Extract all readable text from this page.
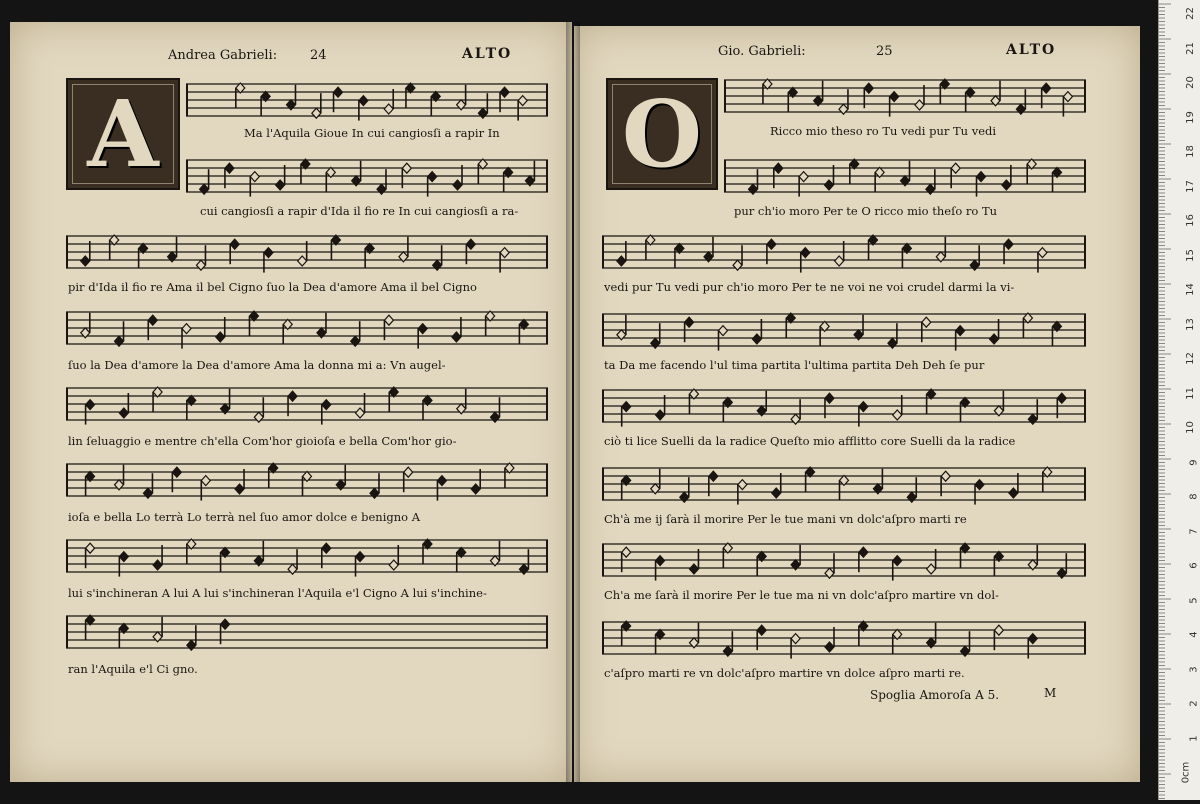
Andrea Gabrieli:	24	ALTO
A	Ma l'Aquila Gioue In cui cangiosſi a rapir In
cui cangiosſi a rapir d'Ida il fio re In cui cangiosſi a ra-
pir d'Ida il fio re Ama il bel Cigno ſuo la Dea d'amore Ama il bel Cigno
ſuo la Dea d'amore la Dea d'amore Ama la donna mi a: Vn augel-
lin ſeluaggio e mentre ch'ella Com'hor gioioſa e bella Com'hor gio-
ioſa e bella Lo terrà Lo terrà nel ſuo amor dolce e benigno A
lui s'inchineran A lui A lui s'inchineran l'Aquila e'l Cigno A lui s'inchine-
ran l'Aquila e'l Ci gno.
Gio. Gabrieli:	25	ALTO
O	Ricco mio theso ro Tu vedi pur Tu vedi
pur ch'io moro Per te O ricco mio theſo ro Tu
vedi pur Tu vedi pur ch'io moro Per te ne voi ne voi crudel darmi la vi-
ta Da me facendo l'ul tima partita l'ultima partita Deh Deh ſe pur
ciò ti lice Suelli da la radice Queſto mio afflitto core Suelli da la radice
Ch'à me ij ſarà il morire Per le tue mani vn dolc'aſpro marti re
Ch'a me ſarà il morire Per le tue ma ni vn dolc'aſpro martire vn dol-
c'aſpro marti re vn dolc'aſpro martire vn dolce aſpro marti re.
Spoglia Amoroſa A 5.	M
22
21
20
19
18
17
16
15
14
13
12
11
10
9
8
7
6
5
4
3
2
1
0cm
